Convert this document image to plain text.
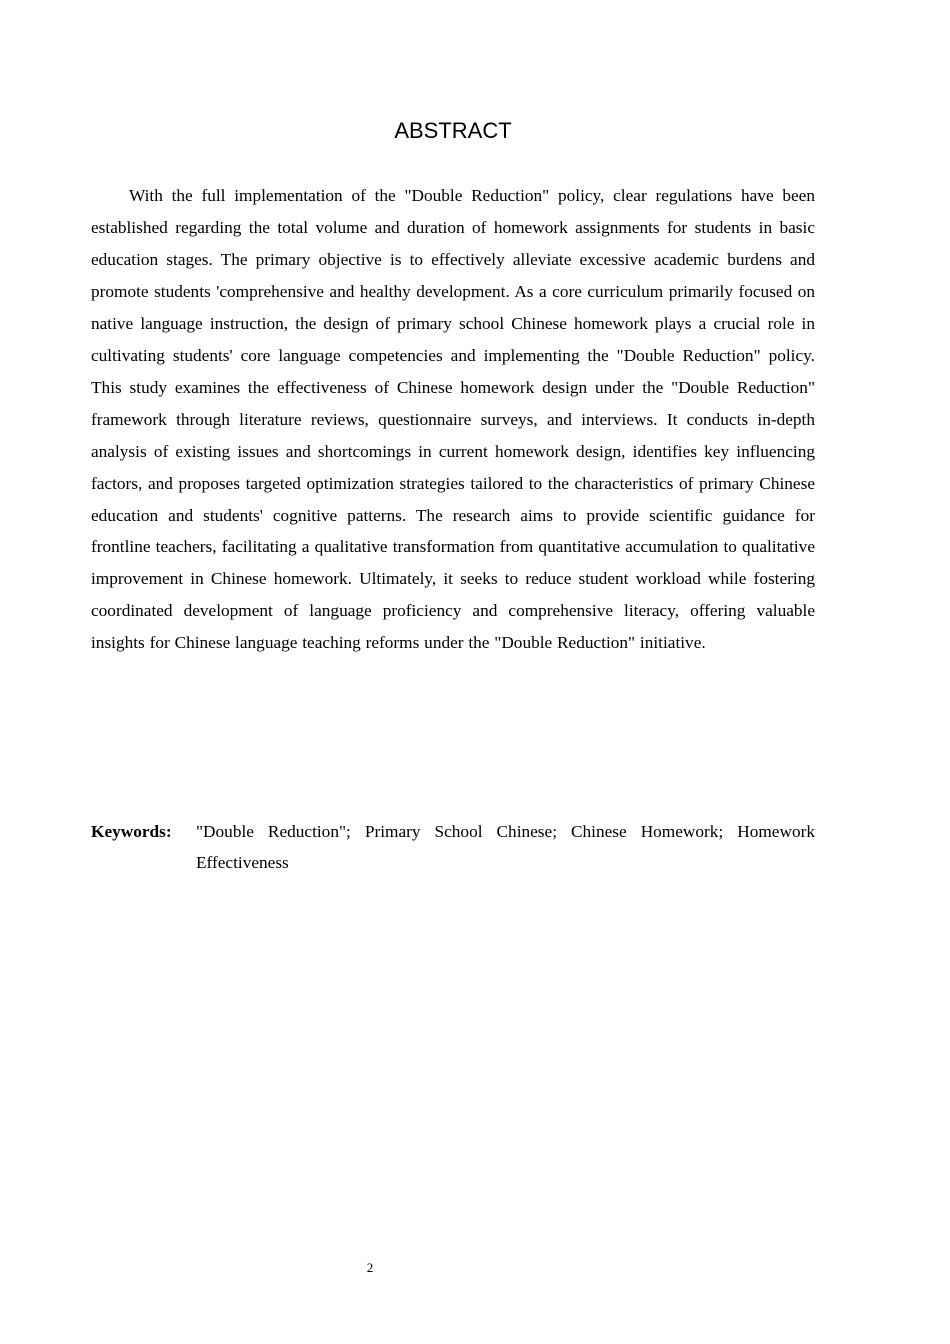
ABSTRACT

With the full implementation of the "Double Reduction" policy, clear regulations have been established regarding the total volume and duration of homework assignments for students in basic education stages. The primary objective is to effectively alleviate excessive academic burdens and promote students 'comprehensive and healthy development. As a core curriculum primarily focused on native language instruction, the design of primary school Chinese homework plays a crucial role in cultivating students' core language competencies and implementing the "Double Reduction" policy. This study examines the effectiveness of Chinese homework design under the "Double Reduction" framework through literature reviews, questionnaire surveys, and interviews. It conducts in-depth analysis of existing issues and shortcomings in current homework design, identifies key influencing factors, and proposes targeted optimization strategies tailored to the characteristics of primary Chinese education and students' cognitive patterns. The research aims to provide scientific guidance for frontline teachers, facilitating a qualitative transformation from quantitative accumulation to qualitative improvement in Chinese homework. Ultimately, it seeks to reduce student workload while fostering coordinated development of language proficiency and comprehensive literacy, offering valuable insights for Chinese language teaching reforms under the "Double Reduction" initiative.

Keywords:	"Double Reduction"; Primary School Chinese; Chinese Homework; Homework Effectiveness
2
